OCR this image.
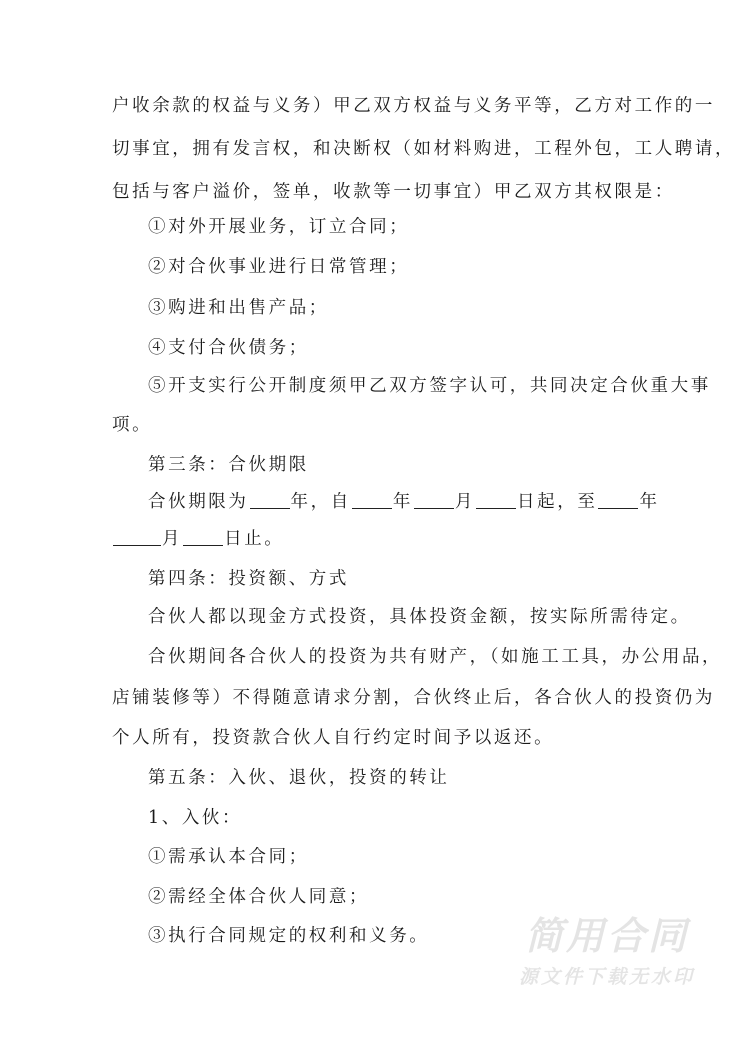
户收余款的权益与义务）甲乙双方权益与义务平等，乙方对工作的一
切事宜，拥有发言权，和决断权（如材料购进，工程外包，工人聘请，
包括与客户溢价，签单，收款等一切事宜）甲乙双方其权限是：
①对外开展业务，订立合同；
②对合伙事业进行日常管理；
③购进和出售产品；
④支付合伙债务；
⑤开支实行公开制度须甲乙双方签字认可，共同决定合伙重大事
项。
第三条：合伙期限
合伙期限为 年，自 年 月 日起，至 年
月 日止。
第四条：投资额、方式
合伙人都以现金方式投资，具体投资金额，按实际所需待定。
合伙期间各合伙人的投资为共有财产，（如施工工具，办公用品，
店铺装修等）不得随意请求分割，合伙终止后，各合伙人的投资仍为
个人所有，投资款合伙人自行约定时间予以返还。
第五条：入伙、退伙，投资的转让
1、入伙：
①需承认本合同；
②需经全体合伙人同意；
③执行合同规定的权利和义务。	简用合同
源文件下载无水印
